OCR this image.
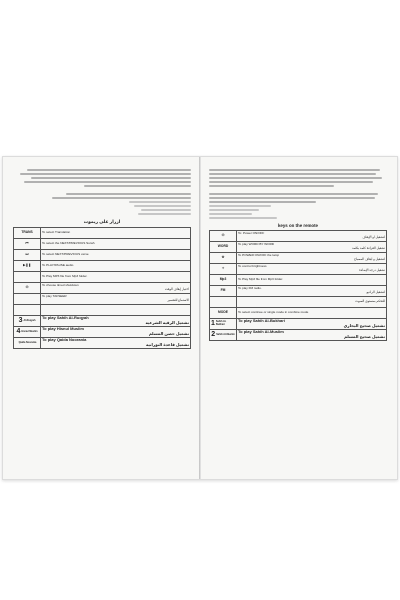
ازرار على ريموت
TRANS	To select Translation

⏮	To select the NEXT/PREVIOUS Surah

⏭	To select NEXT/PREVIOUS verse

▶❚❚	To PLAY/PAUSE audio

	To Play MP3 file from Mp3 folder.

⏻	To choose timed shutdown
اختيار إيقاف الوقت

	To play TAFSEER
الاستماع للتفسير

3 Al-Ruqyah	To play Sahih Al-Ruqyah
تشغيل الرقية الشرعية

4 Hisnul Muslim	To play Hisnul Muslim
تشغيل حصن المسلم

Qaida Noorania	To play Qaida Noorania
تشغيل قاعدة النورانية
keys on the remote
⏻	To: Power ON/OFF
لتشغيل او الإيقاف

WORD	To play WORD BY WORD
تشغيل القراءة كلمة بكلمة

✿	To POWER ON/OFF the lamp
لتشغيل و ايقاف المصباح

☀	To control brightness
تشغيل درجة الإضاءة

Mp3	To Play Mp3 file from Mp3 folder.

FM	To play FM radio.
لتشغيل الراديو

	للتحكم بمستوى الصوت

MODE	To select continue or single mode in combine mode

1 Sahih Al-Bukhari	To play Sahih Al-Bukhari
تشغيل صحيح البخاري

2 Sahih Al-Muslim	To play Sahih Al-Muslim
تشغيل صحيح المسلم
